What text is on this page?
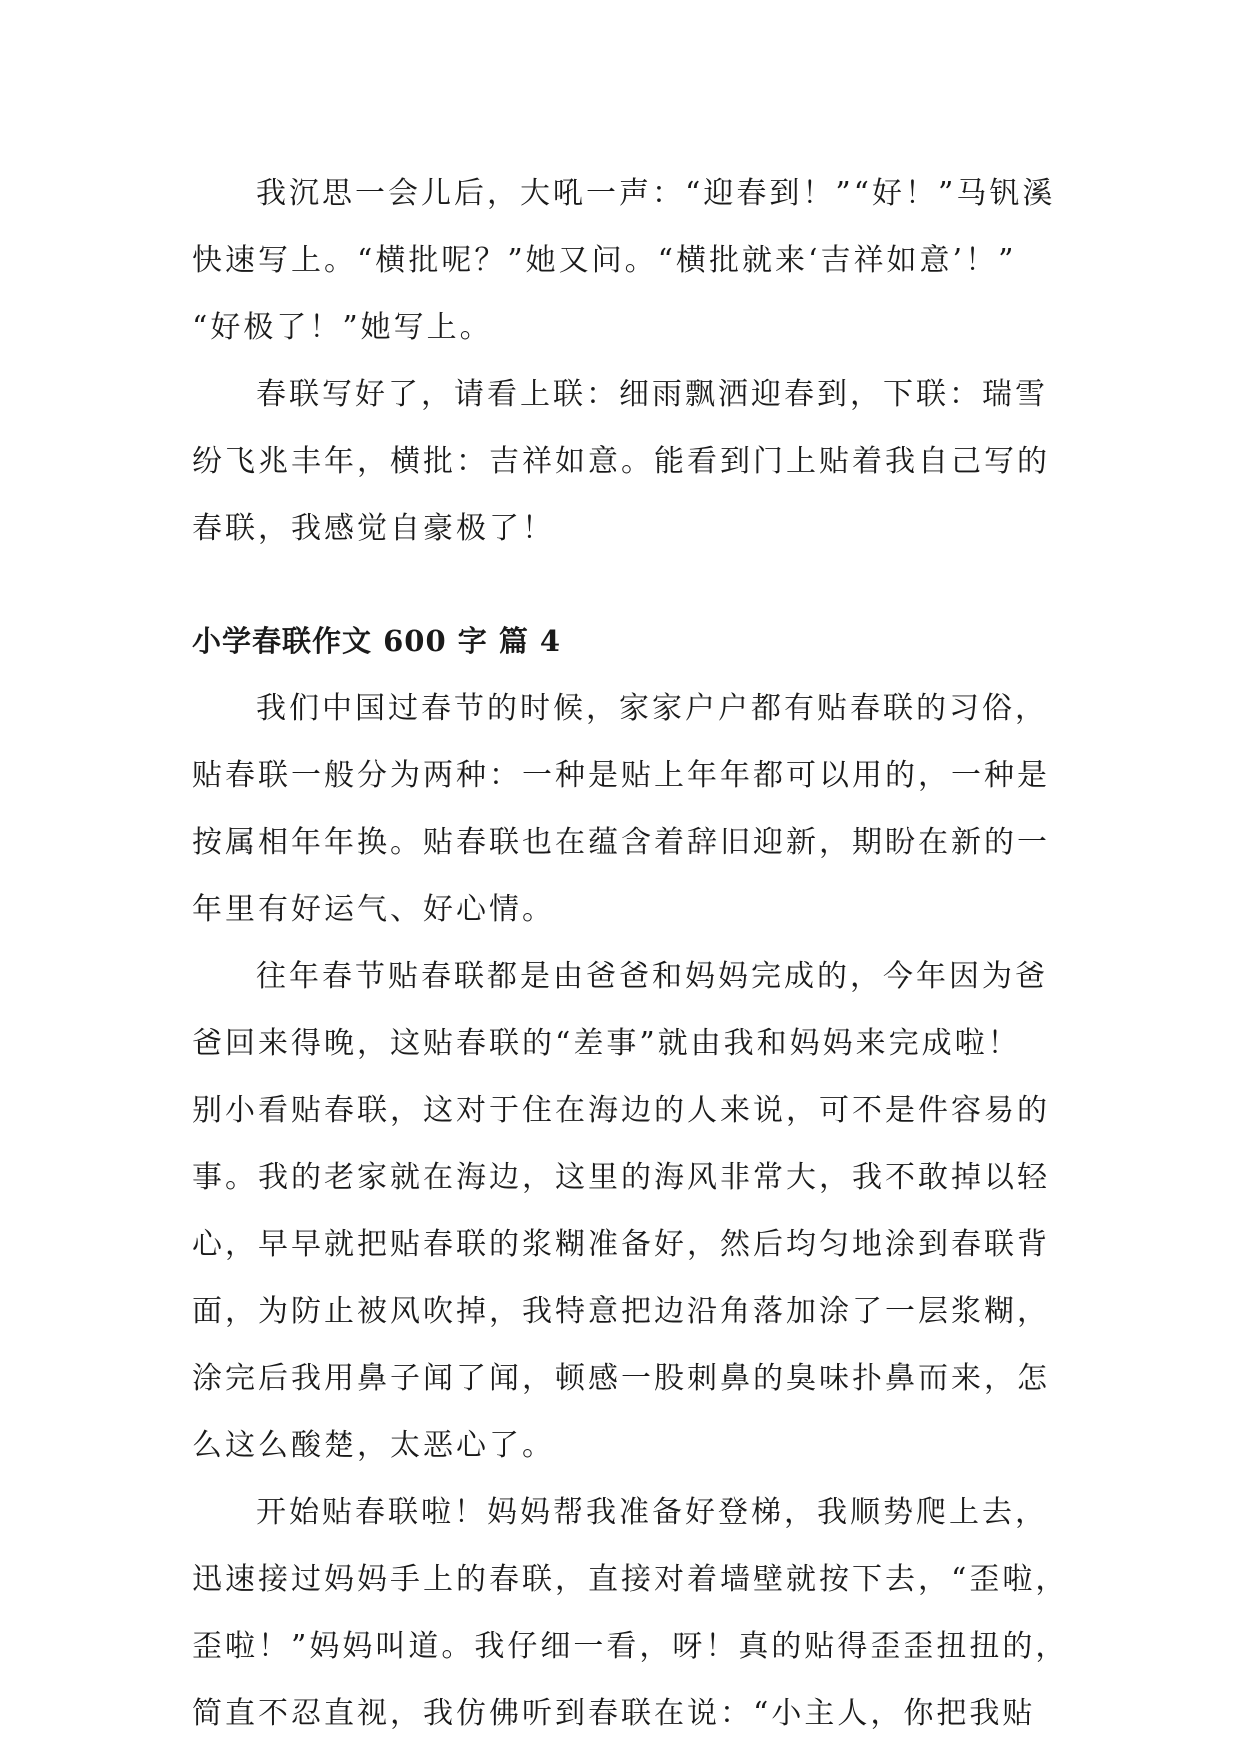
我沉思一会儿后，大吼一声：“迎春到！”“好！”马钒溪
快速写上。“横批呢？”她又问。“横批就来‘吉祥如意’！”
“好极了！”她写上。

春联写好了，请看上联：细雨飘洒迎春到，下联：瑞雪
纷飞兆丰年，横批：吉祥如意。能看到门上贴着我自己写的
春联，我感觉自豪极了！

小学春联作文 600 字 篇 4

我们中国过春节的时候，家家户户都有贴春联的习俗，
贴春联一般分为两种：一种是贴上年年都可以用的，一种是
按属相年年换。贴春联也在蕴含着辞旧迎新，期盼在新的一
年里有好运气、好心情。

往年春节贴春联都是由爸爸和妈妈完成的，今年因为爸
爸回来得晚，这贴春联的“差事”就由我和妈妈来完成啦！
别小看贴春联，这对于住在海边的人来说，可不是件容易的
事。我的老家就在海边，这里的海风非常大，我不敢掉以轻
心，早早就把贴春联的浆糊准备好，然后均匀地涂到春联背
面，为防止被风吹掉，我特意把边沿角落加涂了一层浆糊，
涂完后我用鼻子闻了闻，顿感一股刺鼻的臭味扑鼻而来，怎
么这么酸楚，太恶心了。

开始贴春联啦！妈妈帮我准备好登梯，我顺势爬上去，
迅速接过妈妈手上的春联，直接对着墙壁就按下去，“歪啦，
歪啦！”妈妈叫道。我仔细一看，呀！真的贴得歪歪扭扭的，
简直不忍直视，我仿佛听到春联在说：“小主人，你把我贴
